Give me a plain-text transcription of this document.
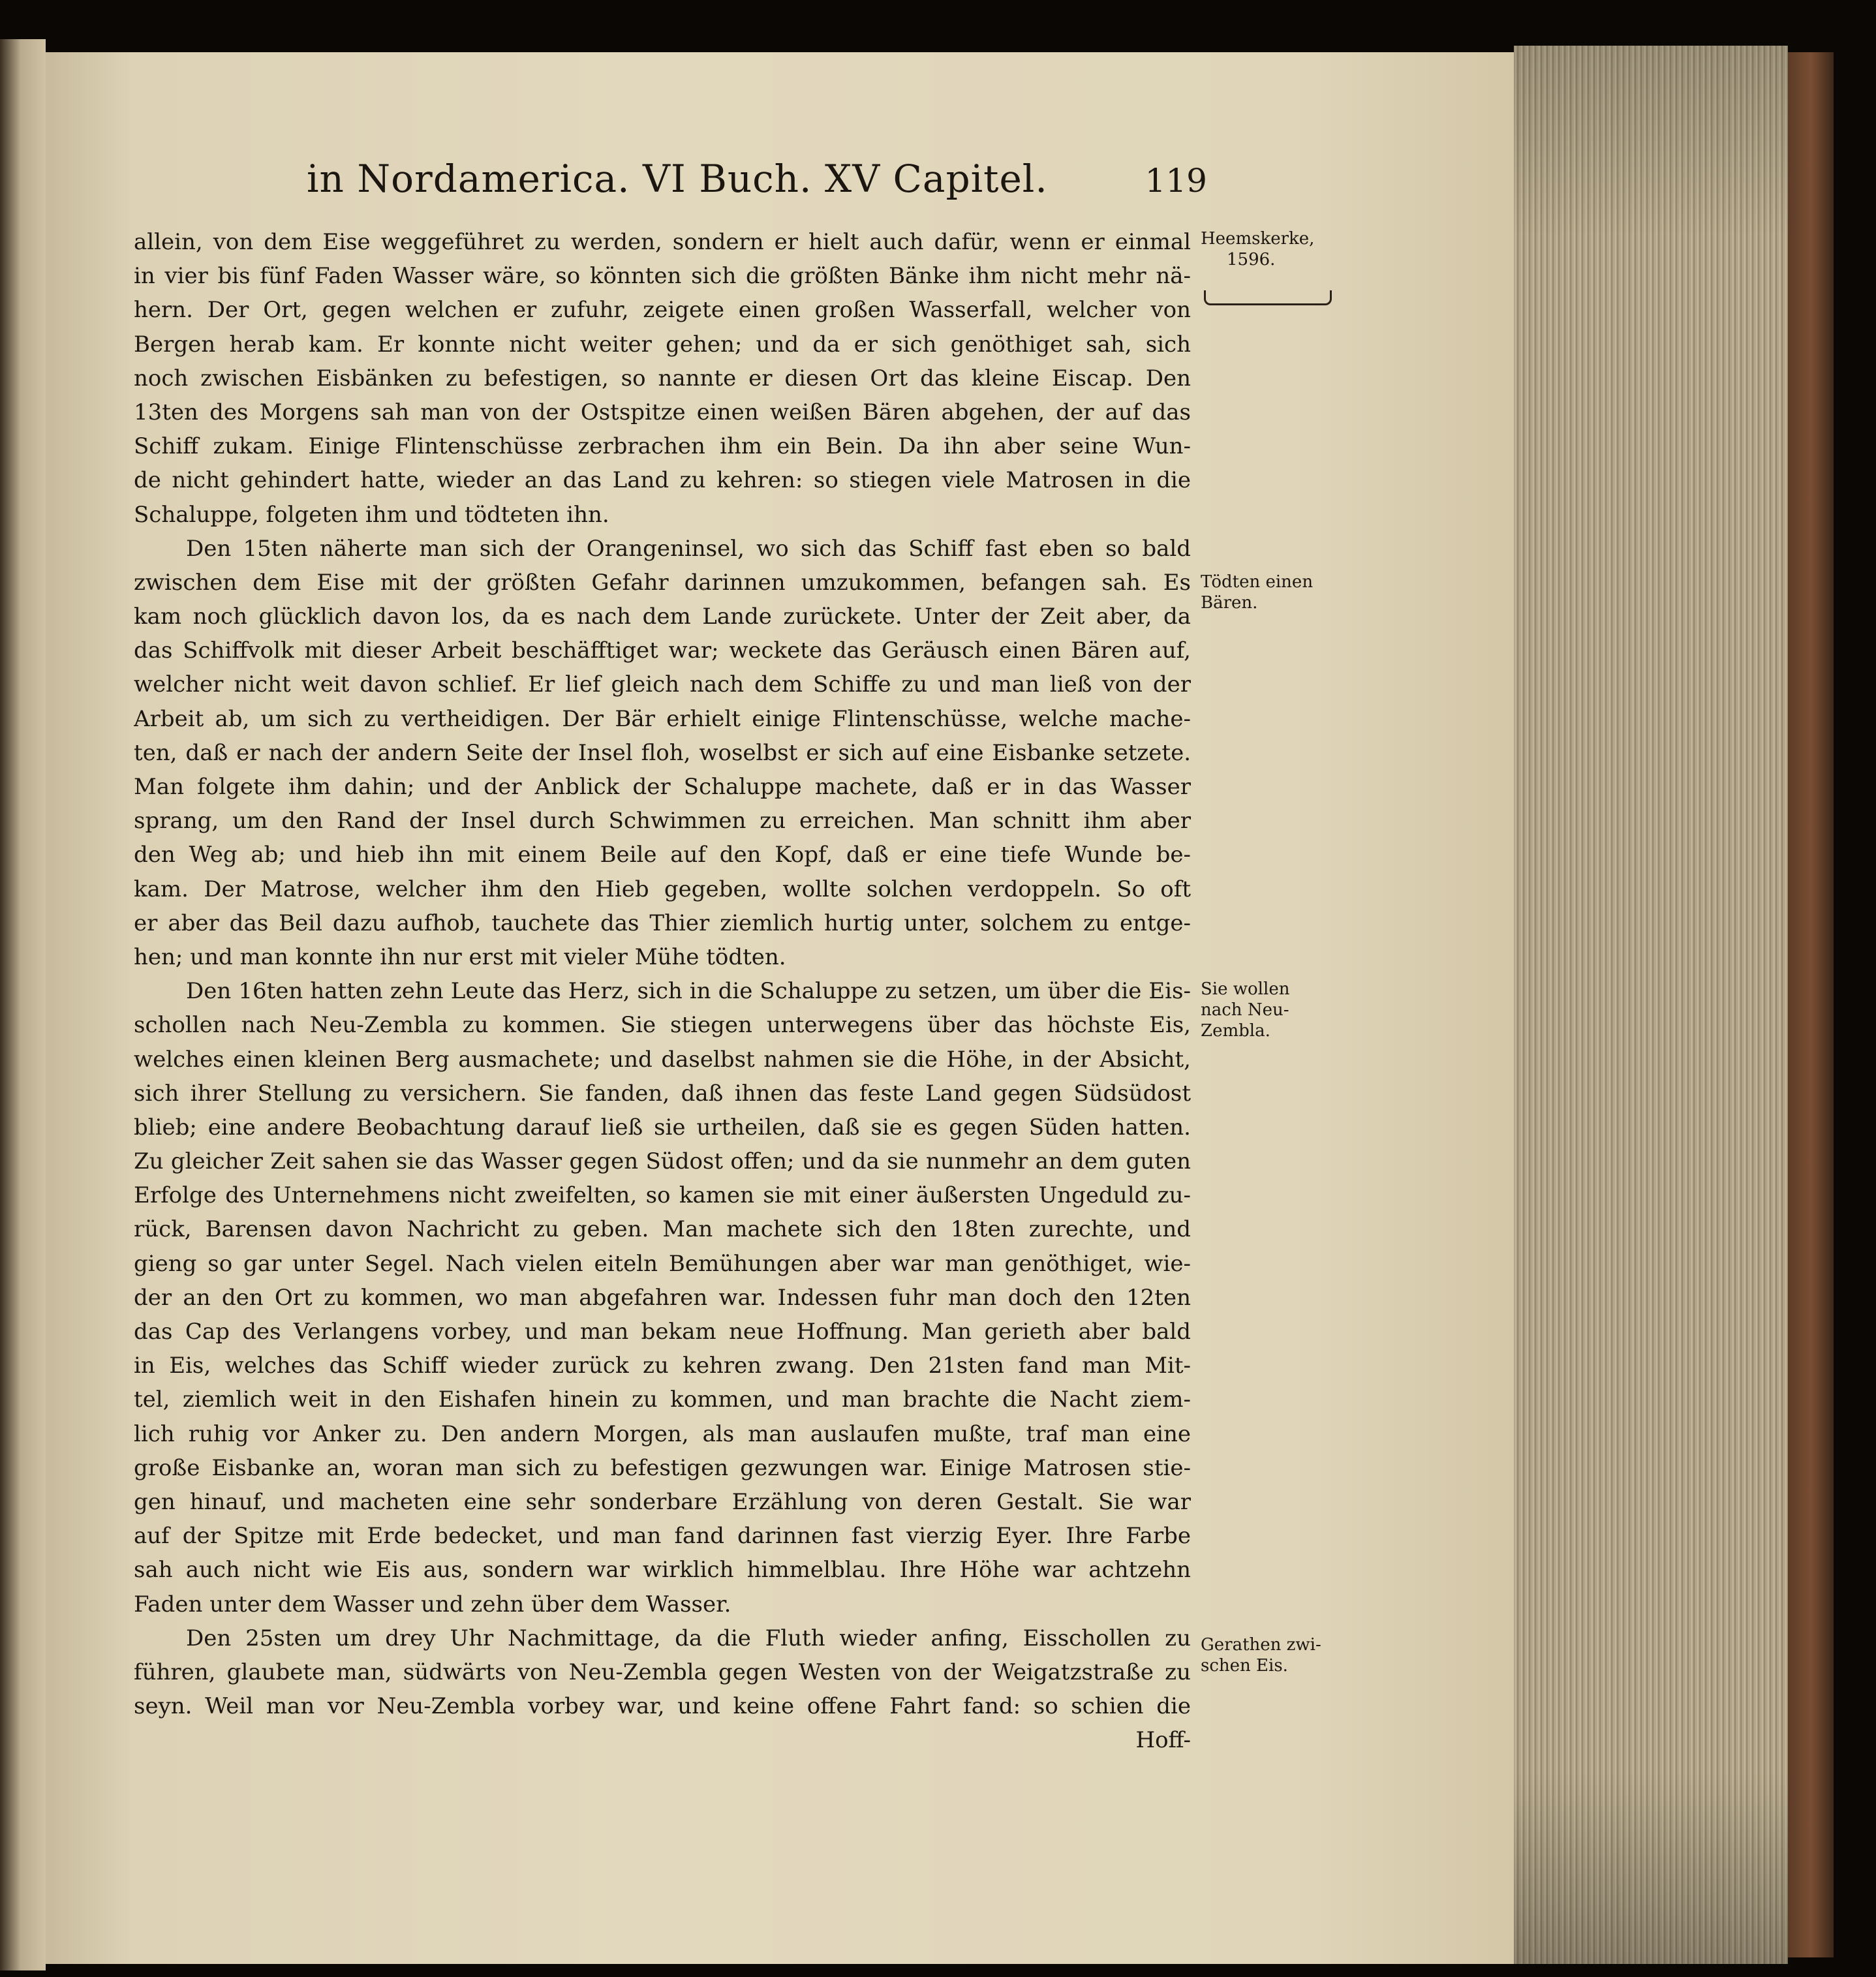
in Nordamerica. VI Buch. XV Capitel.	119
allein, von dem Eise weggeführet zu werden, sondern er hielt auch dafür, wenn er einmal
in vier bis fünf Faden Wasser wäre, so könnten sich die größten Bänke ihm nicht mehr nä-
hern. Der Ort, gegen welchen er zufuhr, zeigete einen großen Wasserfall, welcher von
Bergen herab kam. Er konnte nicht weiter gehen; und da er sich genöthiget sah, sich
noch zwischen Eisbänken zu befestigen, so nannte er diesen Ort das kleine Eiscap. Den
13ten des Morgens sah man von der Ostspitze einen weißen Bären abgehen, der auf das
Schiff zukam. Einige Flintenschüsse zerbrachen ihm ein Bein. Da ihn aber seine Wun-
de nicht gehindert hatte, wieder an das Land zu kehren: so stiegen viele Matrosen in die
Schaluppe, folgeten ihm und tödteten ihn.
Den 15ten näherte man sich der Orangeninsel, wo sich das Schiff fast eben so bald
zwischen dem Eise mit der größten Gefahr darinnen umzukommen, befangen sah. Es
kam noch glücklich davon los, da es nach dem Lande zurückete. Unter der Zeit aber, da
das Schiffvolk mit dieser Arbeit beschäfftiget war; weckete das Geräusch einen Bären auf,
welcher nicht weit davon schlief. Er lief gleich nach dem Schiffe zu und man ließ von der
Arbeit ab, um sich zu vertheidigen. Der Bär erhielt einige Flintenschüsse, welche mache-
ten, daß er nach der andern Seite der Insel floh, woselbst er sich auf eine Eisbanke setzete.
Man folgete ihm dahin; und der Anblick der Schaluppe machete, daß er in das Wasser
sprang, um den Rand der Insel durch Schwimmen zu erreichen. Man schnitt ihm aber
den Weg ab; und hieb ihn mit einem Beile auf den Kopf, daß er eine tiefe Wunde be-
kam. Der Matrose, welcher ihm den Hieb gegeben, wollte solchen verdoppeln. So oft
er aber das Beil dazu aufhob, tauchete das Thier ziemlich hurtig unter, solchem zu entge-
hen; und man konnte ihn nur erst mit vieler Mühe tödten.
Den 16ten hatten zehn Leute das Herz, sich in die Schaluppe zu setzen, um über die Eis-
schollen nach Neu-Zembla zu kommen. Sie stiegen unterwegens über das höchste Eis,
welches einen kleinen Berg ausmachete; und daselbst nahmen sie die Höhe, in der Absicht,
sich ihrer Stellung zu versichern. Sie fanden, daß ihnen das feste Land gegen Südsüdost
blieb; eine andere Beobachtung darauf ließ sie urtheilen, daß sie es gegen Süden hatten.
Zu gleicher Zeit sahen sie das Wasser gegen Südost offen; und da sie nunmehr an dem guten
Erfolge des Unternehmens nicht zweifelten, so kamen sie mit einer äußersten Ungeduld zu-
rück, Barensen davon Nachricht zu geben. Man machete sich den 18ten zurechte, und
gieng so gar unter Segel. Nach vielen eiteln Bemühungen aber war man genöthiget, wie-
der an den Ort zu kommen, wo man abgefahren war. Indessen fuhr man doch den 12ten
das Cap des Verlangens vorbey, und man bekam neue Hoffnung. Man gerieth aber bald
in Eis, welches das Schiff wieder zurück zu kehren zwang. Den 21sten fand man Mit-
tel, ziemlich weit in den Eishafen hinein zu kommen, und man brachte die Nacht ziem-
lich ruhig vor Anker zu. Den andern Morgen, als man auslaufen mußte, traf man eine
große Eisbanke an, woran man sich zu befestigen gezwungen war. Einige Matrosen stie-
gen hinauf, und macheten eine sehr sonderbare Erzählung von deren Gestalt. Sie war
auf der Spitze mit Erde bedecket, und man fand darinnen fast vierzig Eyer. Ihre Farbe
sah auch nicht wie Eis aus, sondern war wirklich himmelblau. Ihre Höhe war achtzehn
Faden unter dem Wasser und zehn über dem Wasser.
Den 25sten um drey Uhr Nachmittage, da die Fluth wieder anfing, Eisschollen zu
führen, glaubete man, südwärts von Neu-Zembla gegen Westen von der Weigatzstraße zu
seyn. Weil man vor Neu-Zembla vorbey war, und keine offene Fahrt fand: so schien die
Hoff-
Heemskerke,
1596.
Tödten einen
Bären.
Sie wollen
nach Neu-
Zembla.
Gerathen zwi-
schen Eis.
